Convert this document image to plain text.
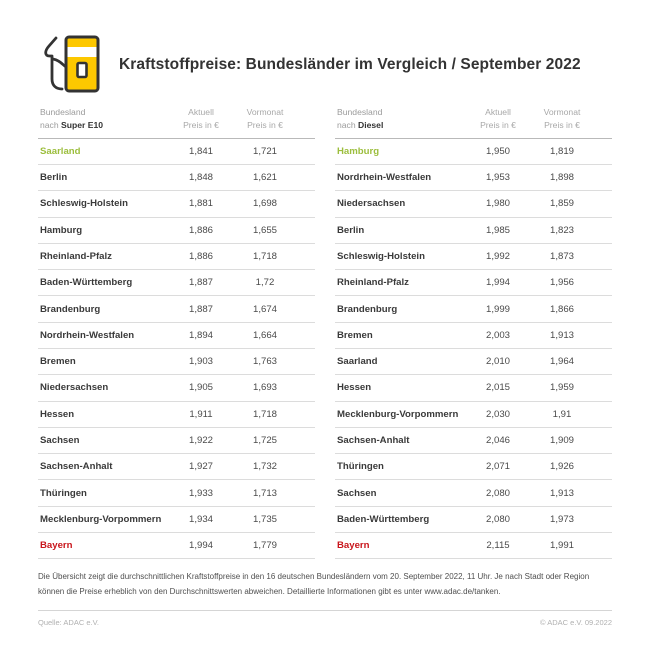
Kraftstoffpreise: Bundesländer im Vergleich / September 2022
Bundesland
nach Super E10
Aktuell
Preis in €
Vormonat
Preis in €
Saarland	1,841	1,721
Berlin	1,848	1,621
Schleswig-Holstein	1,881	1,698
Hamburg	1,886	1,655
Rheinland-Pfalz	1,886	1,718
Baden-Württemberg	1,887	1,72
Brandenburg	1,887	1,674
Nordrhein-Westfalen	1,894	1,664
Bremen	1,903	1,763
Niedersachsen	1,905	1,693
Hessen	1,911	1,718
Sachsen	1,922	1,725
Sachsen-Anhalt	1,927	1,732
Thüringen	1,933	1,713
Mecklenburg-Vorpommern	1,934	1,735
Bayern	1,994	1,779
Bundesland
nach Diesel
Aktuell
Preis in €
Vormonat
Preis in €
Hamburg	1,950	1,819
Nordrhein-Westfalen	1,953	1,898
Niedersachsen	1,980	1,859
Berlin	1,985	1,823
Schleswig-Holstein	1,992	1,873
Rheinland-Pfalz	1,994	1,956
Brandenburg	1,999	1,866
Bremen	2,003	1,913
Saarland	2,010	1,964
Hessen	2,015	1,959
Mecklenburg-Vorpommern	2,030	1,91
Sachsen-Anhalt	2,046	1,909
Thüringen	2,071	1,926
Sachsen	2,080	1,913
Baden-Württemberg	2,080	1,973
Bayern	2,115	1,991
Die Übersicht zeigt die durchschnittlichen Kraftstoffpreise in den 16 deutschen Bundesländern vom 20. September 2022, 11 Uhr. Je nach Stadt oder Region können die Preise erheblich von den Durchschnittswerten abweichen. Detaillierte Informationen gibt es unter www.adac.de/tanken.
Quelle: ADAC e.V.	© ADAC e.V. 09.2022
